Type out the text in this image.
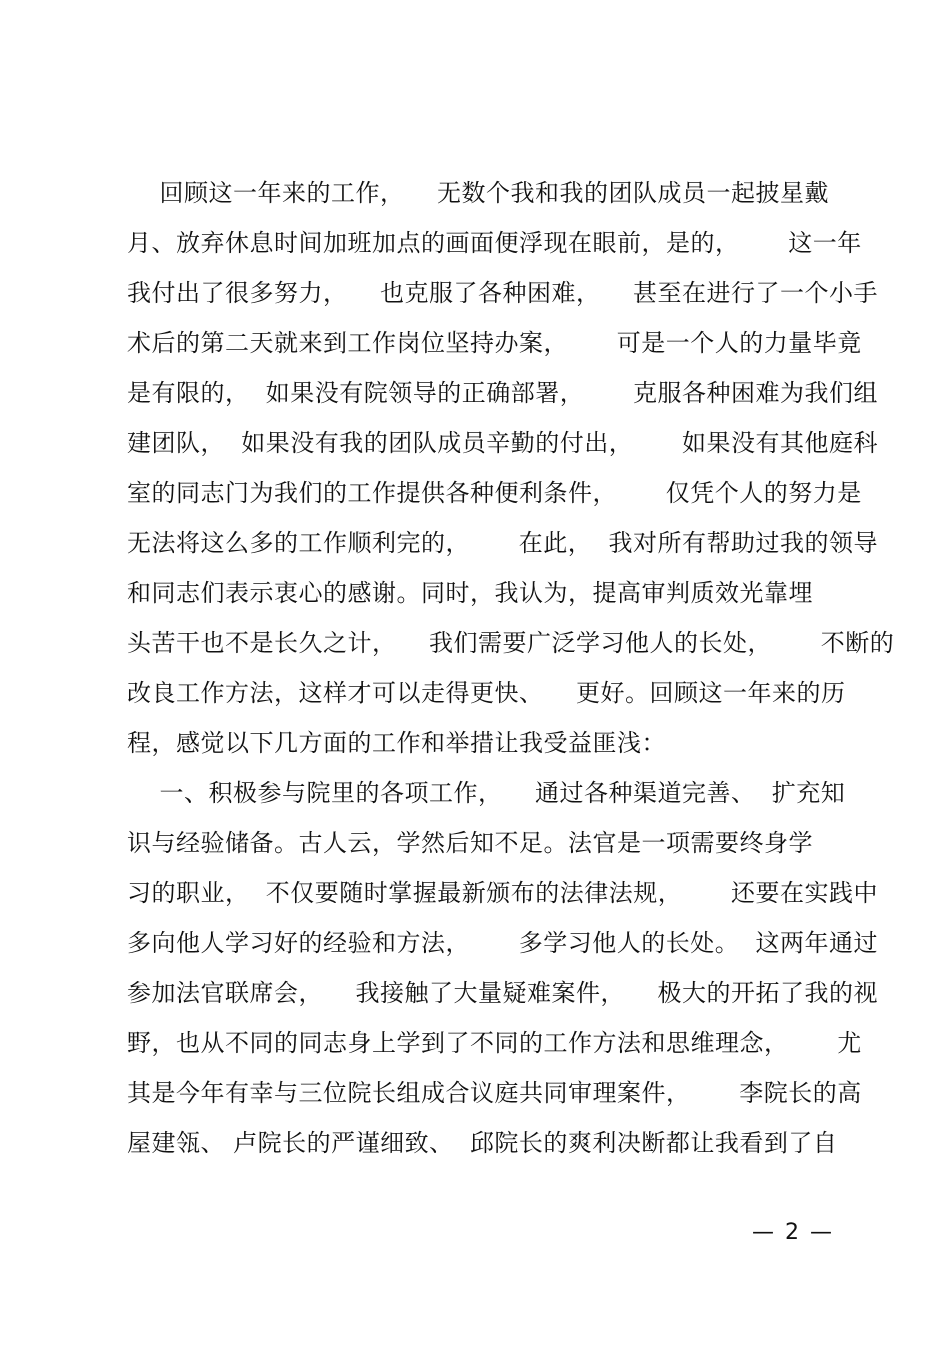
回顾这一年来的工作，    无数个我和我的团队成员一起披星戴
月、放弃休息时间加班加点的画面便浮现在眼前，是的，      这一年
我付出了很多努力，    也克服了各种困难，    甚至在进行了一个小手
术后的第二天就来到工作岗位坚持办案，      可是一个人的力量毕竟
是有限的，  如果没有院领导的正确部署，      克服各种困难为我们组
建团队，  如果没有我的团队成员辛勤的付出，      如果没有其他庭科
室的同志门为我们的工作提供各种便利条件，      仅凭个人的努力是
无法将这么多的工作顺利完的，      在此，  我对所有帮助过我的领导
和同志们表示衷心的感谢。同时，我认为，提高审判质效光靠埋
头苦干也不是长久之计，    我们需要广泛学习他人的长处，      不断的
改良工作方法，这样才可以走得更快、    更好。回顾这一年来的历
程，感觉以下几方面的工作和举措让我受益匪浅：
一、积极参与院里的各项工作，    通过各种渠道完善、  扩充知
识与经验储备。古人云，学然后知不足。法官是一项需要终身学
习的职业，  不仅要随时掌握最新颁布的法律法规，      还要在实践中
多向他人学习好的经验和方法，      多学习他人的长处。  这两年通过
参加法官联席会，    我接触了大量疑难案件，    极大的开拓了我的视
野，也从不同的同志身上学到了不同的工作方法和思维理念，      尤
其是今年有幸与三位院长组成合议庭共同审理案件，      李院长的高
屋建瓴、 卢院长的严谨细致、  邱院长的爽利决断都让我看到了自
— 2 —
